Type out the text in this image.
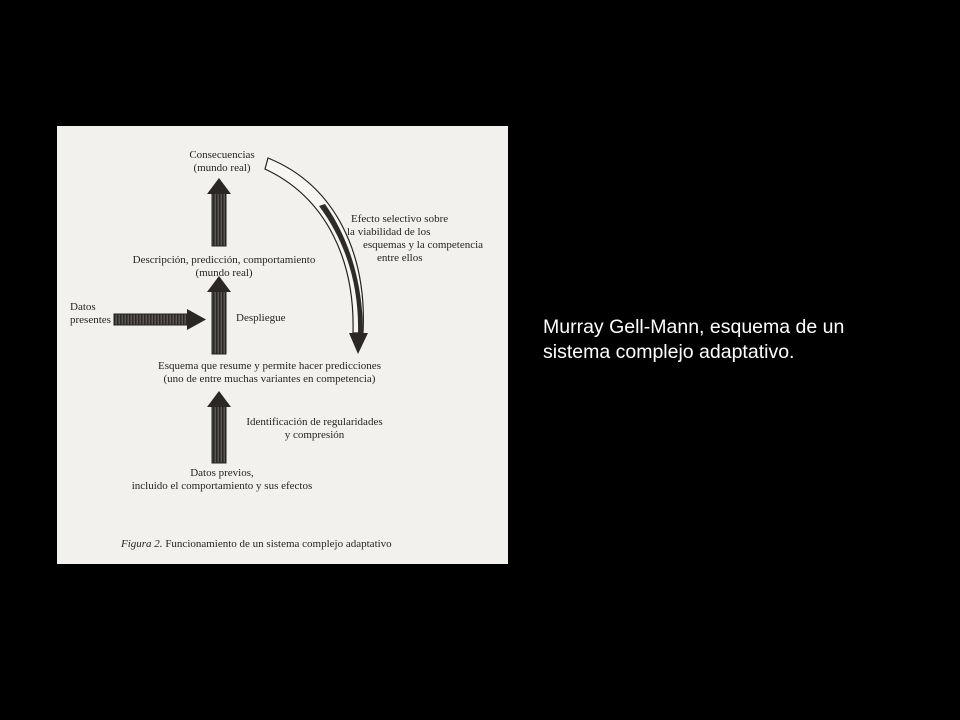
Consecuencias
(mundo real)
Descripción, predicción, comportamiento
(mundo real)
Datos
presentes	Despliegue
Esquema que resume y permite hacer predicciones
(uno de entre muchas variantes en competencia)
Identificación de regularidades
y compresión
Efecto selectivo sobre
la viabilidad de los
esquemas y la competencia
entre ellos
Datos previos,
incluido el comportamiento y sus efectos
Figura 2. Funcionamiento de un sistema complejo adaptativo
Murray Gell-Mann, esquema de un
sistema complejo adaptativo.
